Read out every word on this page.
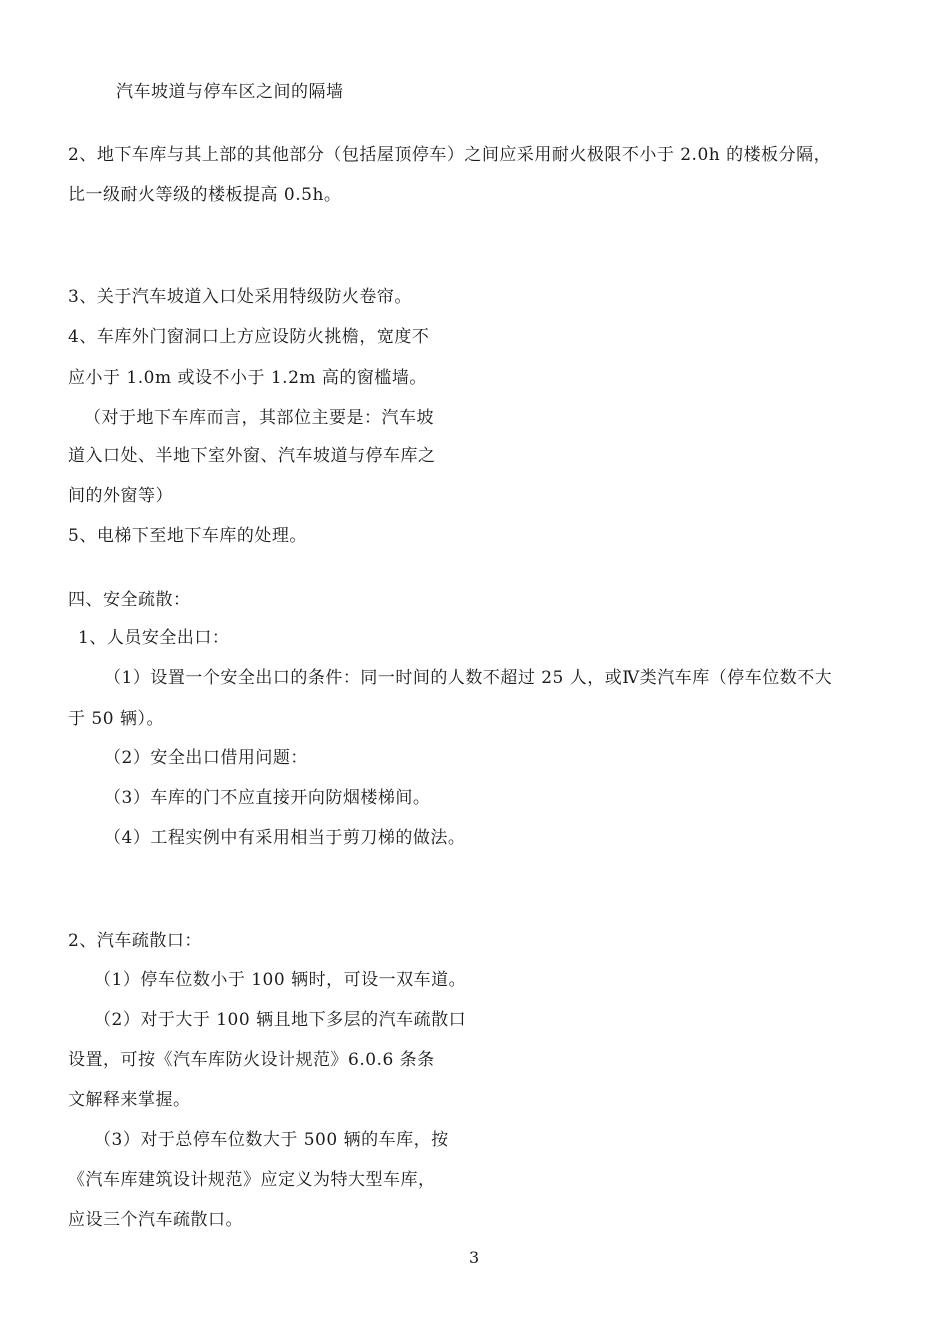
汽车坡道与停车区之间的隔墙
2、地下车库与其上部的其他部分（包括屋顶停车）之间应采用耐火极限不小于 2.0h 的楼板分隔，
比一级耐火等级的楼板提高 0.5h。
3、关于汽车坡道入口处采用特级防火卷帘。
4、车库外门窗洞口上方应设防火挑檐，宽度不
应小于 1.0m 或设不小于 1.2m 高的窗槛墙。
（对于地下车库而言，其部位主要是：汽车坡
道入口处、半地下室外窗、汽车坡道与停车库之
间的外窗等）
5、电梯下至地下车库的处理。
四、安全疏散：
1、人员安全出口：
（1）设置一个安全出口的条件：同一时间的人数不超过 25 人，或Ⅳ类汽车库（停车位数不大
于 50 辆）。
（2）安全出口借用问题：
（3）车库的门不应直接开向防烟楼梯间。
（4）工程实例中有采用相当于剪刀梯的做法。
2、汽车疏散口：
（1）停车位数小于 100 辆时，可设一双车道。
（2）对于大于 100 辆且地下多层的汽车疏散口
设置，可按《汽车库防火设计规范》6.0.6 条条
文解释来掌握。
（3）对于总停车位数大于 500 辆的车库，按
《汽车库建筑设计规范》应定义为特大型车库，
应设三个汽车疏散口。
3
